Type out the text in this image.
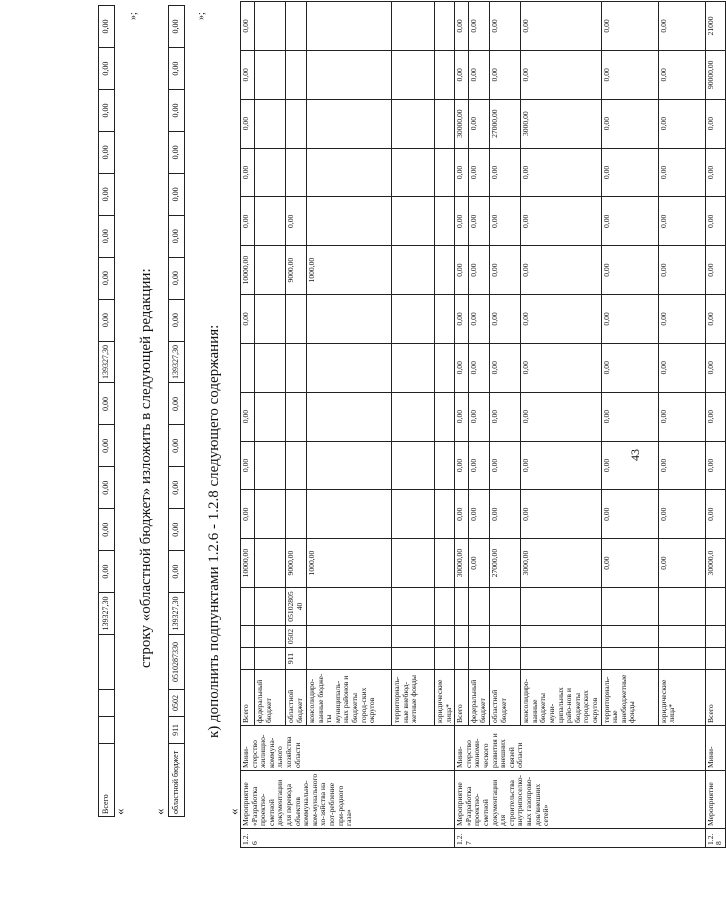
43
«
Всего				139327,30	0,00	0,00	0,00	0,00	0,00	139327,30	0,00	0,00	0,00	0,00	0,00	0,00	0,00	0,00
»;
строку «областной бюджет» изложить в следующей редакции:
« областной бюджет	911	0502	0510287330	139327,30	0,00	0,00	0,00	0,00	0,00	139327,30	0,00	0,00	0,00	0,00	0,00	0,00	0,00	0,00
»;
к) дополнить подпунктами 1.2.6 - 1.2.8 следующего содержания:
«
1.2.6	Мероприятие «Разработка проектно-сметной документации для перевода объектов коммунально-ком-мунального хо-зяйства на пот-ребление при-родного газа»	Мини-стерство жилищно-коммуна-льного хозяйства области	Всего				10000,00	0,00	0,00	0,00		0,00	10000,00	0,00	0,00	0,00	0,00	0,00
			федеральный бюджет															
			областной бюджет	911	0502	0510280540	9000,00						9000,00	0,00				
			консолидиро-ванные бюдже-ты муниципаль-ных районов и бюджеты город-ских округов				1000,00						1000,00					
			территориаль-ные внебюд-жетные фонды															
			юридические лица*															
1.2.7	Мероприятие «Разработка проектно-сметной документации для строительства внутрипоселко-вых газопрово-дов/внешних сетей»	Мини-стерство экономи-ческого развития и внешних связей области	Всего				30000,00	0,00	0,00	0,00	0,00	0,00	0,00	0,00	0,00	30000,00	0,00	0,00
			федеральный бюджет				0,00	0,00	0,00	0,00	0,00	0,00	0,00	0,00	0,00	0,00	0,00	0,00
			областной бюджет				27000,00	0,00	0,00	0,00	0,00	0,00	0,00	0,00	0,00	27000,00	0,00	0,00
			консолидиро-ванные бюджеты муни-ципальных райо-нов и бюджеты городских округов				3000,00	0,00	0,00	0,00	0,00	0,00	0,00	0,00	0,00	3000,00	0,00	0,00
			территориаль-ные внебюджетные фонды				0,00	0,00	0,00	0,00	0,00	0,00	0,00	0,00	0,00	0,00	0,00	0,00
			юридические лица*				0,00	0,00	0,00	0,00	0,00	0,00	0,00	0,00	0,00	0,00	0,00	0,00
1.2.8	Мероприятие	Мини-	Всего				30000,0	0,00	0,00	0,00	0,00	0,00	0,00	0,00	0,00	0,00	90000,00	21000
